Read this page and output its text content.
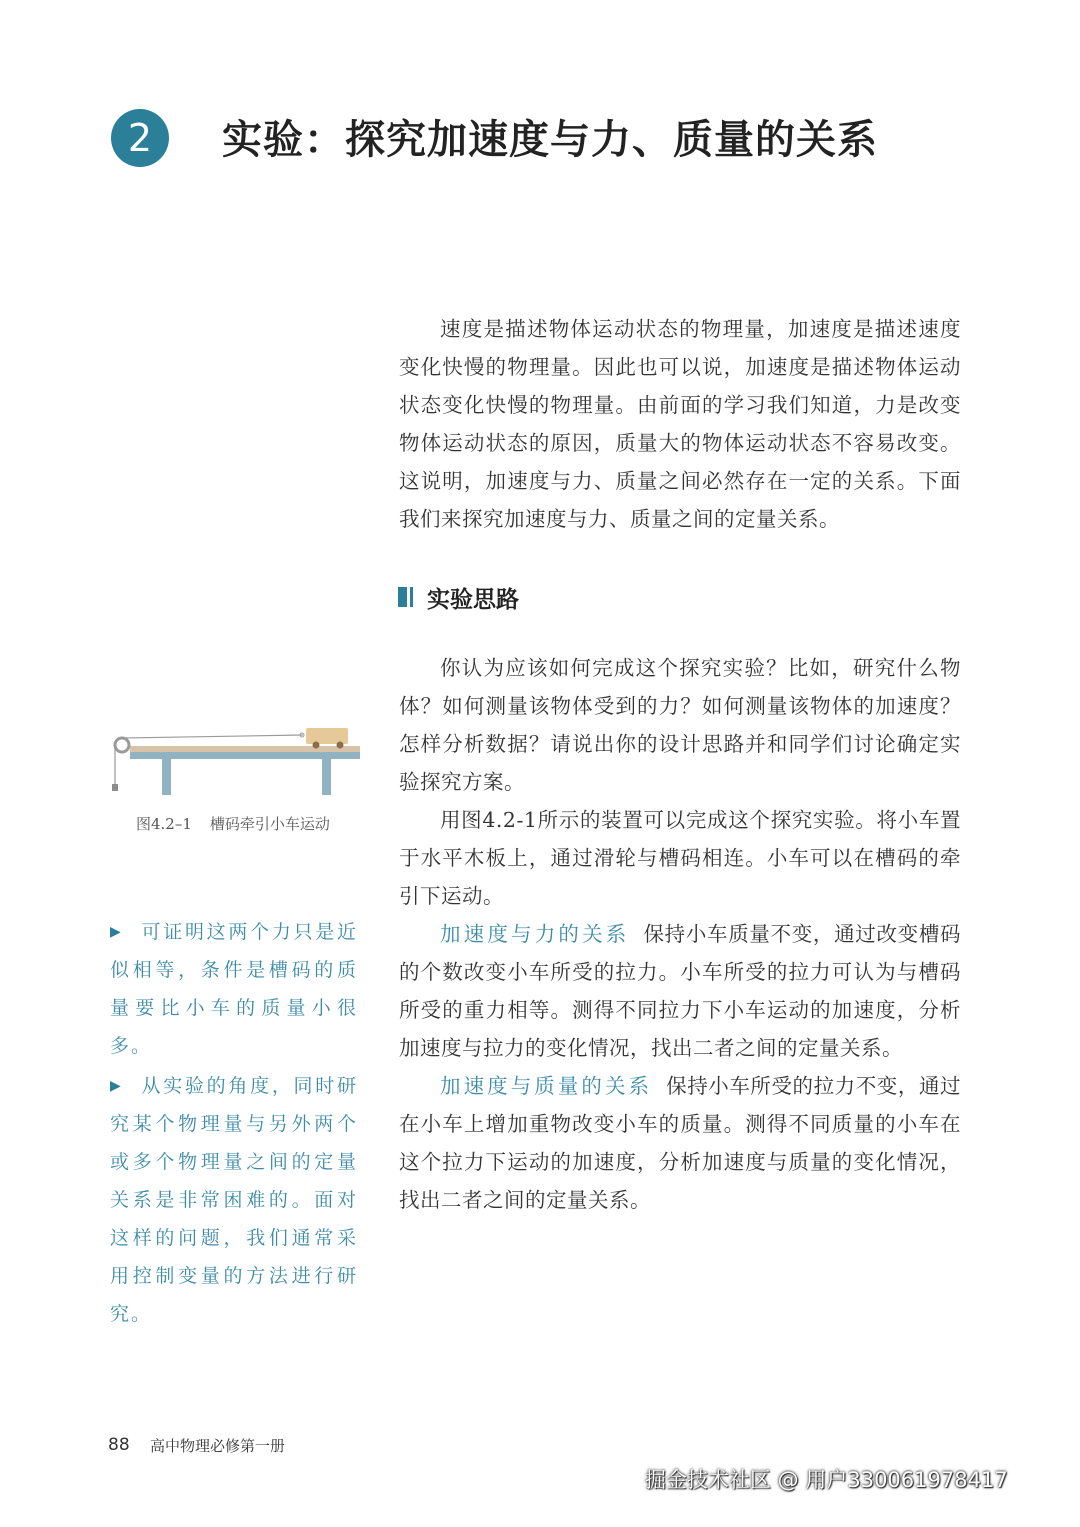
2	实验：探究加速度与力、质量的关系

速度是描述物体运动状态的物理量，加速度是描述速度变化快慢的物理量。因此也可以说，加速度是描述物体运动状态变化快慢的物理量。由前面的学习我们知道，力是改变物体运动状态的原因，质量大的物体运动状态不容易改变。这说明，加速度与力、质量之间必然存在一定的关系。下面我们来探究加速度与力、质量之间的定量关系。

实验思路

你认为应该如何完成这个探究实验？比如，研究什么物体？如何测量该物体受到的力？如何测量该物体的加速度？怎样分析数据？请说出你的设计思路并和同学们讨论确定实验探究方案。

用图4.2-1所示的装置可以完成这个探究实验。将小车置于水平木板上，通过滑轮与槽码相连。小车可以在槽码的牵引下运动。

加速度与力的关系 保持小车质量不变，通过改变槽码的个数改变小车所受的拉力。小车所受的拉力可认为与槽码所受的重力相等。测得不同拉力下小车运动的加速度，分析加速度与拉力的变化情况，找出二者之间的定量关系。

加速度与质量的关系 保持小车所受的拉力不变，通过在小车上增加重物改变小车的质量。测得不同质量的小车在这个拉力下运动的加速度，分析加速度与质量的变化情况，找出二者之间的定量关系。

图4.2–1 槽码牵引小车运动

▶ 可证明这两个力只是近似相等，条件是槽码的质量要比小车的质量小很多。

▶ 从实验的角度，同时研究某个物理量与另外两个或多个物理量之间的定量关系是非常困难的。面对这样的问题，我们通常采用控制变量的方法进行研究。

88 高中物理必修第一册
掘金技术社区 @ 用户3300619784​17
